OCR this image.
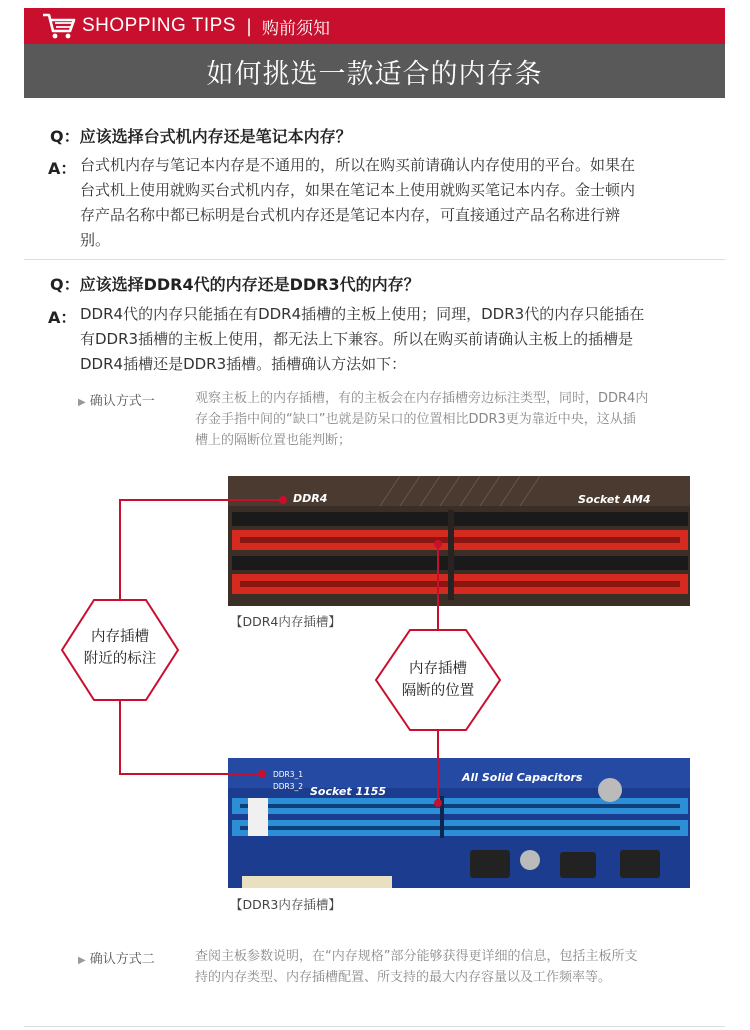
SHOPPING TIPS | 购前须知
如何挑选一款适合的内存条
Q：应该选择台式机内存还是笔记本内存？
A： 台式机内存与笔记本内存是不通用的，所以在购买前请确认内存使用的平台。如果在
台式机上使用就购买台式机内存，如果在笔记本上使用就购买笔记本内存。金士顿内
存产品名称中都已标明是台式机内存还是笔记本内存，可直接通过产品名称进行辨
别。
Q：应该选择DDR4代的内存还是DDR3代的内存？
A： DDR4代的内存只能插在有DDR4插槽的主板上使用；同理，DDR3代的内存只能插在
有DDR3插槽的主板上使用，都无法上下兼容。所以在购买前请确认主板上的插槽是
DDR4插槽还是DDR3插槽。插槽确认方法如下：
▶ 确认方式一	观察主板上的内存插槽，有的主板会在内存插槽旁边标注类型，同时，DDR4内
存金手指中间的“缺口”也就是防呆口的位置相比DDR3更为靠近中央，这从插
槽上的隔断位置也能判断；
DDR4	Socket AM4
DDR3_1
DDR3_2 Socket 1155
All Solid Capacitors
内存插槽
附近的标注
内存插槽
隔断的位置
【DDR4内存插槽】
【DDR3内存插槽】
▶ 确认方式二	查阅主板参数说明，在“内存规格”部分能够获得更详细的信息，包括主板所支
持的内存类型、内存插槽配置、所支持的最大内存容量以及工作频率等。
